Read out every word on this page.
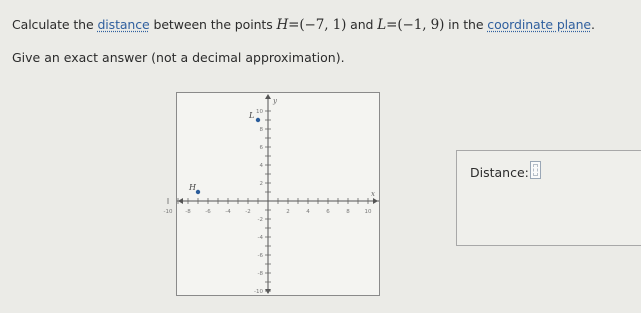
Calculate the distance between the points H=(−7, 1) and L=(−1, 9) in the coordinate plane.
Give an exact answer (not a decimal approximation).
-10 -8	-6	-4	-2	2	4	6	8	10
10
8
6
4
2
-2
-4
-6
-8
-10
x
y
H
L
Distance:
